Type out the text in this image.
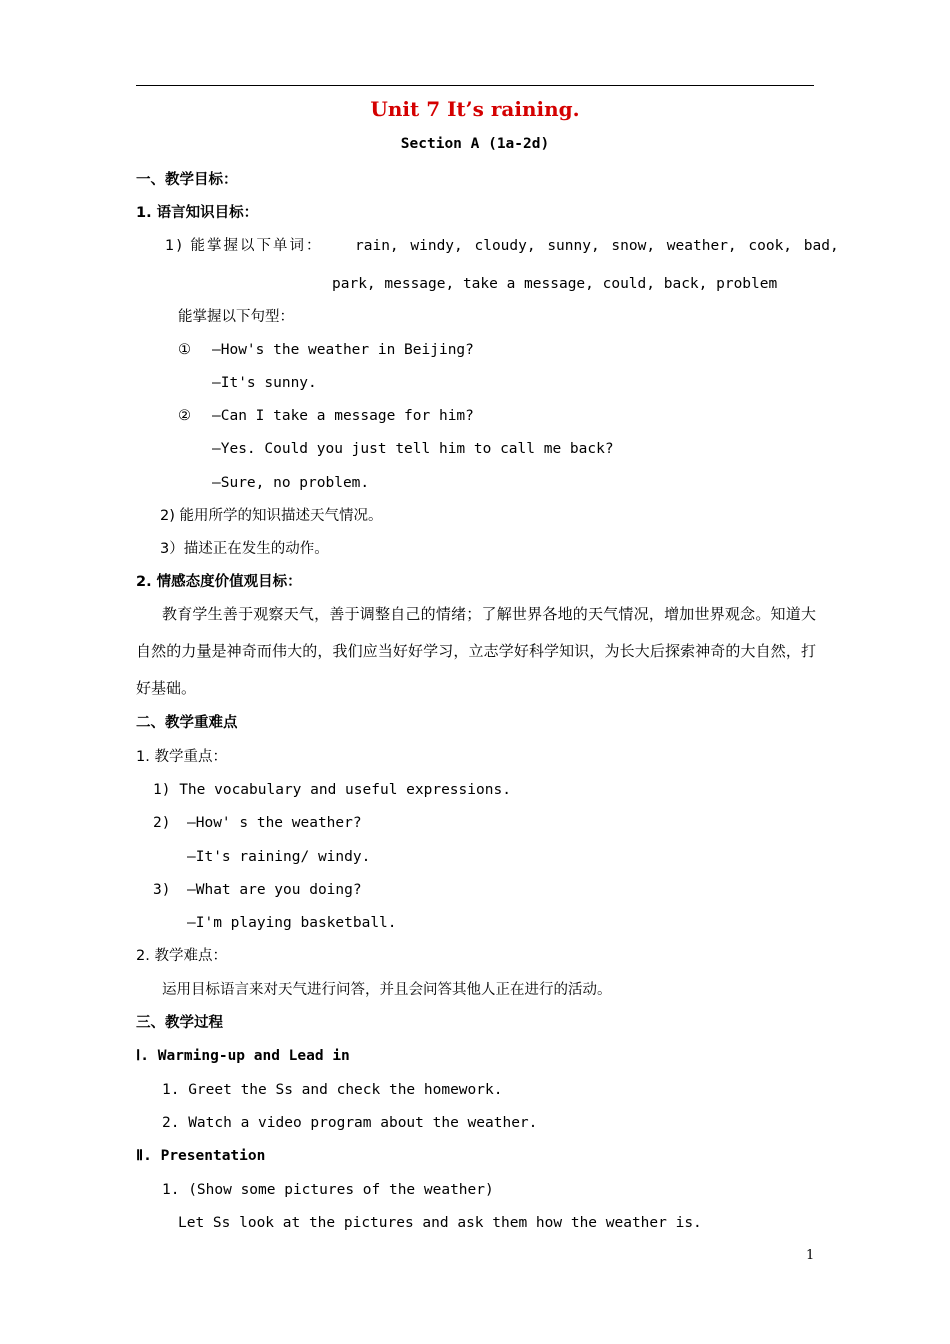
Unit 7 It’s raining.
Section A (1a-2d)
一、教学目标：
1. 语言知识目标：
1) 能掌握以下单词： rain, windy, cloudy, sunny, snow, weather, cook, bad,
park, message, take a message, could, back, problem
能掌握以下句型：
① —How's the weather in Beijing?
—It's sunny.
② —Can I take a message for him?
—Yes. Could you just tell him to call me back?
—Sure, no problem.
2) 能用所学的知识描述天气情况。
3）描述正在发生的动作。
2. 情感态度价值观目标：
教育学生善于观察天气，善于调整自己的情绪；了解世界各地的天气情况，增加世界观念。知道大自然的力量是神奇而伟大的，我们应当好好学习，立志学好科学知识，为长大后探索神奇的大自然，打好基础。
二、教学重难点
1. 教学重点：
1) The vocabulary and useful expressions.
2) —How' s the weather?
—It's raining/ windy.
3) —What are you doing?
—I'm playing basketball.
2. 教学难点：
运用目标语言来对天气进行问答，并且会问答其他人正在进行的活动。
三、教学过程
Ⅰ. Warming-up and Lead in
1. Greet the Ss and check the homework.
2. Watch a video program about the weather.
Ⅱ. Presentation
1. (Show some pictures of the weather)
Let Ss look at the pictures and ask them how the weather is.
1
